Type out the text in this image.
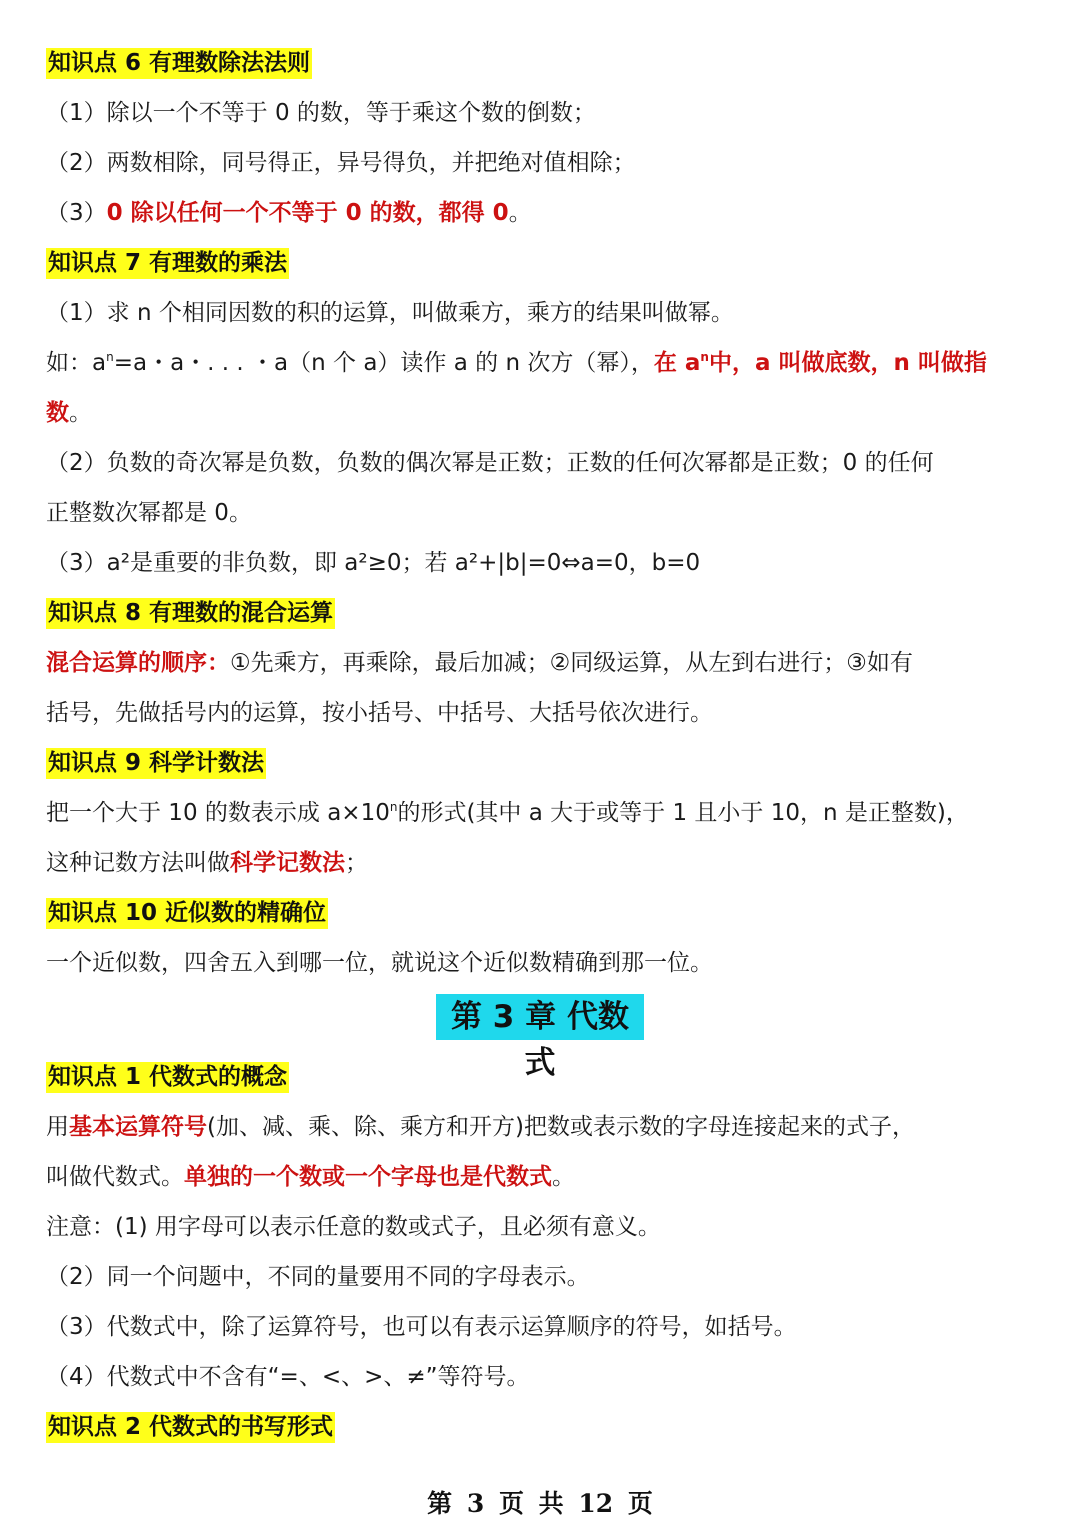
知识点 6 有理数除法法则
（1）除以一个不等于 0 的数，等于乘这个数的倒数；
（2）两数相除，同号得正，异号得负，并把绝对值相除；
（3）0 除以任何一个不等于 0 的数，都得 0。
知识点 7 有理数的乘法
（1）求 n 个相同因数的积的运算，叫做乘方，乘方的结果叫做幂。
如：$a^n=a$・a・. . . ・a（n 个 a）读作 a 的 n 次方（幂），在 $a^n$中，a 叫做底数，n 叫做指
数。
（2）负数的奇次幂是负数，负数的偶次幂是正数；正数的任何次幂都是正数；0 的任何
正整数次幂都是 0。
（3）a²是重要的非负数，即 a²≥0；若 a²+|b|=0⇔a=0，b=0
知识点 8 有理数的混合运算
混合运算的顺序：①先乘方，再乘除，最后加减；②同级运算，从左到右进行；③如有
括号，先做括号内的运算，按小括号、中括号、大括号依次进行。
知识点 9 科学计数法
把一个大于 10 的数表示成 $a\times 10^n$的形式(其中 a 大于或等于 1 且小于 10，n 是正整数)，
这种记数方法叫做科学记数法；
知识点 10 近似数的精确位
一个近似数，四舍五入到哪一位，就说这个近似数精确到那一位。
第 3 章 代数式
知识点 1 代数式的概念
用基本运算符号(加、减、乘、除、乘方和开方)把数或表示数的字母连接起来的式子，
叫做代数式。单独的一个数或一个字母也是代数式。
注意：(1) 用字母可以表示任意的数或式子，且必须有意义。
（2）同一个问题中，不同的量要用不同的字母表示。
（3）代数式中，除了运算符号，也可以有表示运算顺序的符号，如括号。
（4）代数式中不含有“=、<、>、≠”等符号。
知识点 2 代数式的书写形式
第 3 页 共 12 页
